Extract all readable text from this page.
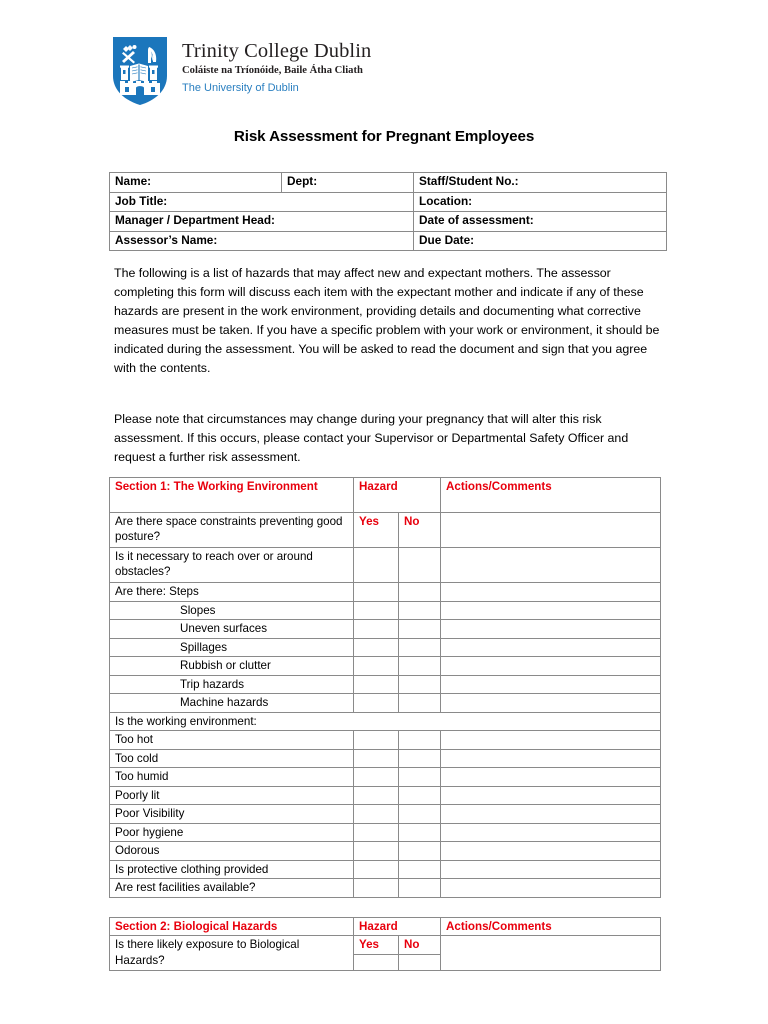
Trinity College Dublin
Coláiste na Tríonóide, Baile Átha Cliath
The University of Dublin
Risk Assessment for Pregnant Employees
Name:	Dept:	Staff/Student No.:
Job Title:		Location:
Manager / Department Head:		Date of assessment:
Assessor’s Name:		Due Date:
The following is a list of hazards that may affect new and expectant mothers. The assessor completing this form will discuss each item with the expectant mother and indicate if any of these hazards are present in the work environment, providing details and documenting what corrective measures must be taken. If you have a specific problem with your work or environment, it should be indicated during the assessment. You will be asked to read the document and sign that you agree with the contents.
Please note that circumstances may change during your pregnancy that will alter this risk assessment. If this occurs, please contact your Supervisor or Departmental Safety Officer and request a further risk assessment.
Section 1: The Working Environment	Hazard		Actions/Comments
Are there space constraints preventing good posture?	Yes	No	
Is it necessary to reach over or around obstacles?			
Are there: Steps			
Slopes			
Uneven surfaces			
Spillages			
Rubbish or clutter			
Trip hazards			
Machine hazards			
Is the working environment:			
Too hot			
Too cold			
Too humid			
Poorly lit			
Poor Visibility			
Poor hygiene			
Odorous			
Is protective clothing provided			
Are rest facilities available?			
Section 2: Biological Hazards	Hazard		Actions/Comments
Is there likely exposure to Biological Hazards?	Yes	No	
